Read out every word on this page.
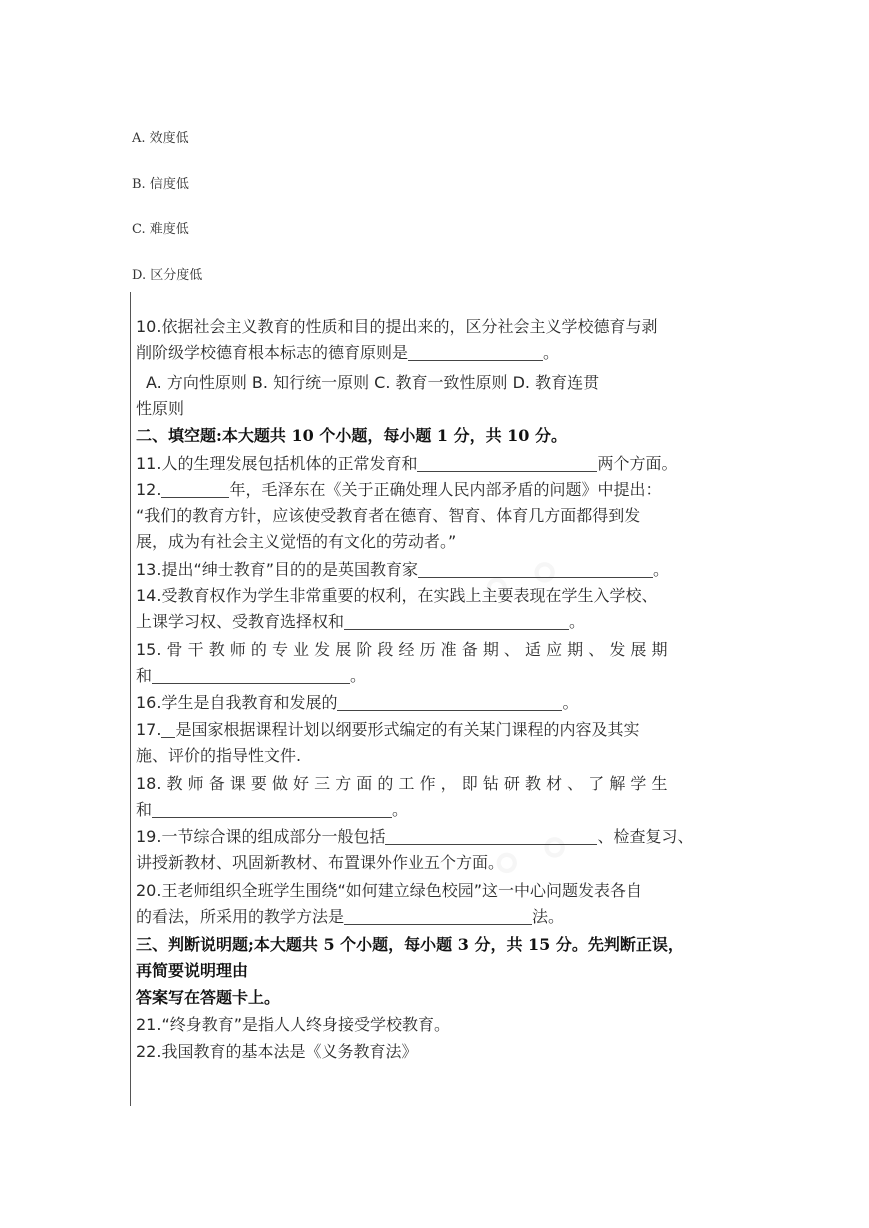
A. 效度低
B. 信度低
C. 难度低
D. 区分度低
10.依据社会主义教育的性质和目的提出来的，区分社会主义学校德育与剥
削阶级学校德育根本标志的德育原则是	。
A. 方向性原则 B. 知行统一原则 C. 教育一致性原则 D. 教育连贯
性原则
二、填空题:本大题共 10 个小题，每小题 1 分，共 10 分。
11.人的生理发展包括机体的正常发育和	两个方面。
12.	年，毛泽东在《关于正确处理人民内部矛盾的问题》中提出：
“我们的教育方针，应该使受教育者在德育、智育、体育几方面都得到发
展，成为有社会主义觉悟的有文化的劳动者。”
13.提出“绅士教育”目的的是英国教育家	。
14.受教育权作为学生非常重要的权利，在实践上主要表现在学生入学校、
上课学习权、受教育选择权和	。
15. 骨 干 教 师 的 专 业 发 展 阶 段 经 历 准 备 期 、 适 应 期 、 发 展 期
和	。
16.学生是自我教育和发展的	。
17. 是国家根据课程计划以纲要形式编定的有关某门课程的内容及其实
施、评价的指导性文件.
18. 教 师 备 课 要 做 好 三 方 面 的 工 作 ， 即 钻 研 教 材 、 了 解 学 生
和	。
19.一节综合课的组成部分一般包括	、检查复习、
讲授新教材、巩固新教材、布置课外作业五个方面。
20.王老师组织全班学生围绕“如何建立绿色校园”这一中心问题发表各自
的看法，所采用的教学方法是	法。
三、判断说明题;本大题共 5 个小题，每小题 3 分，共 15 分。先判断正误，
再简要说明理由
答案写在答题卡上。
21.“终身教育”是指人人终身接受学校教育。
22.我国教育的基本法是《义务教育法》
